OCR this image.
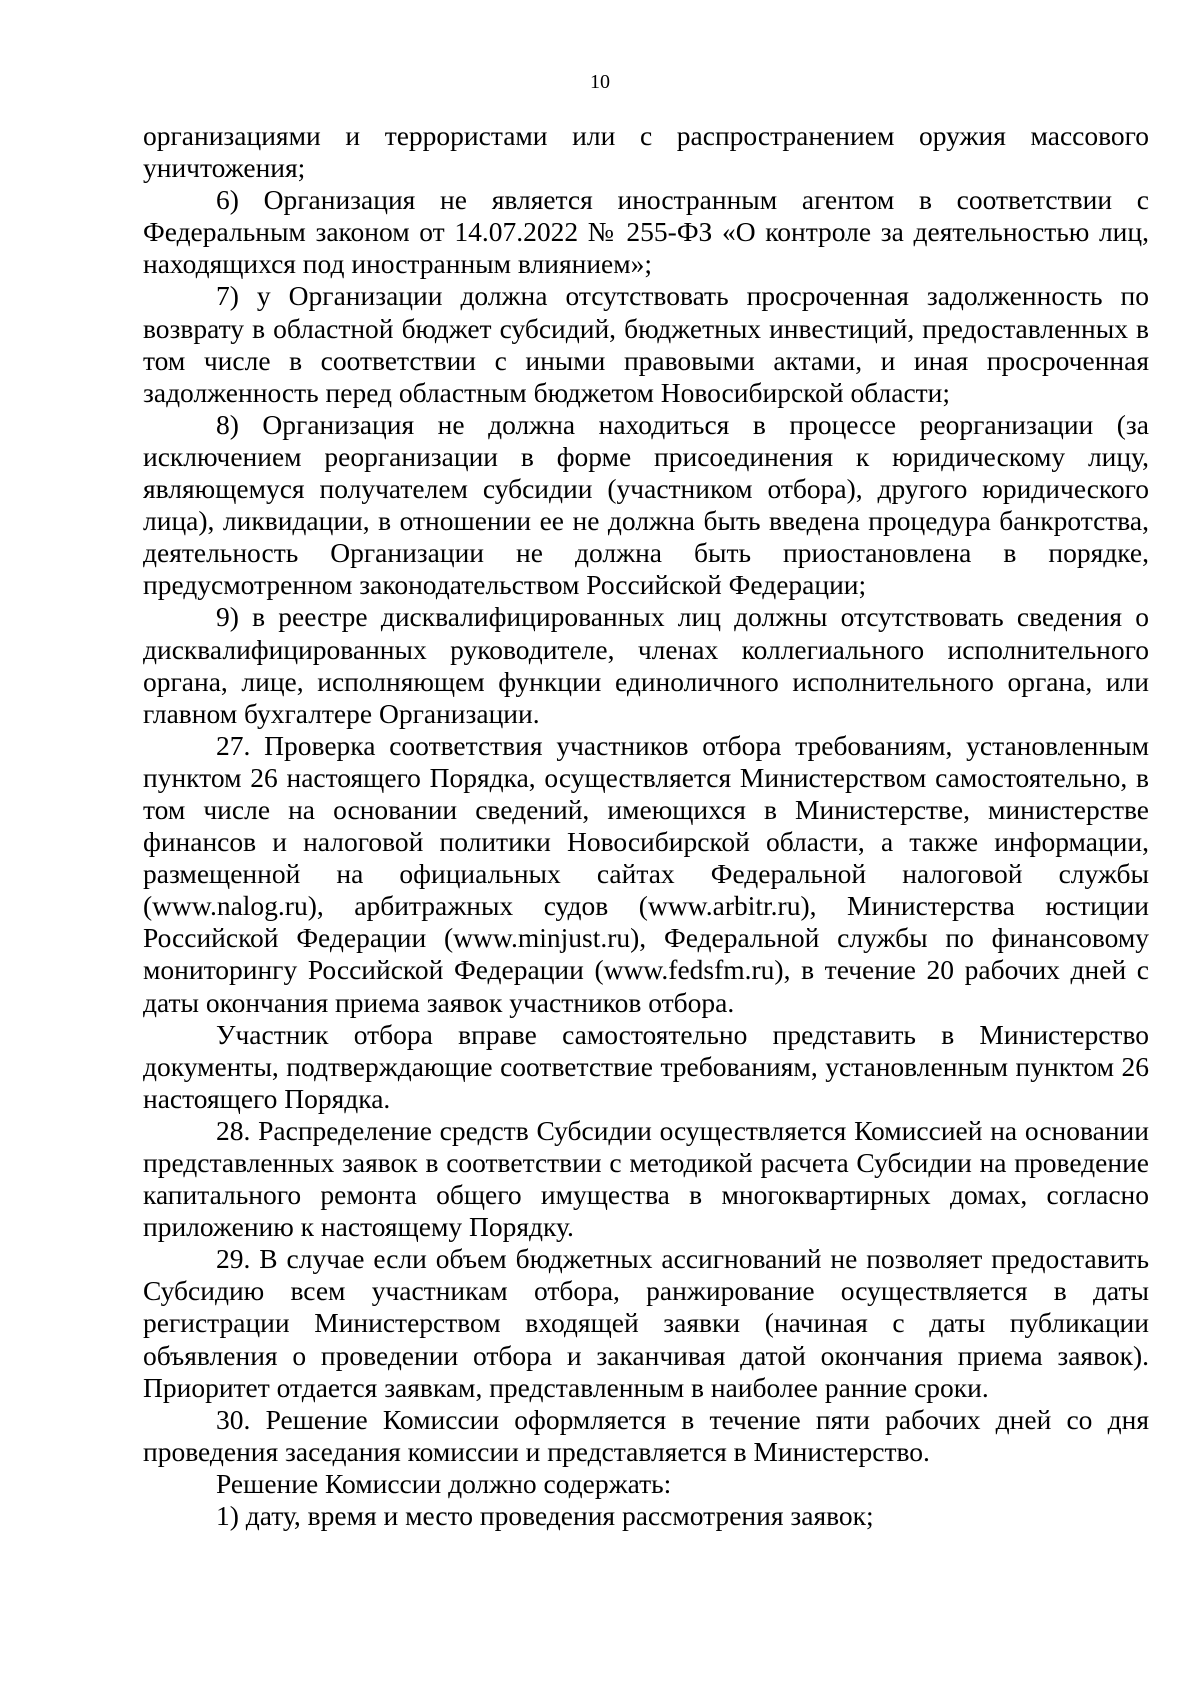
10

организациями и террористами или с распространением оружия массового уничтожения;

6) Организация не является иностранным агентом в соответствии с Федеральным законом от 14.07.2022 № 255-ФЗ «О контроле за деятельностью лиц, находящихся под иностранным влиянием»;

7) у Организации должна отсутствовать просроченная задолженность по возврату в областной бюджет субсидий, бюджетных инвестиций, предоставленных в том числе в соответствии с иными правовыми актами, и иная просроченная задолженность перед областным бюджетом Новосибирской области;

8) Организация не должна находиться в процессе реорганизации (за исключением реорганизации в форме присоединения к юридическому лицу, являющемуся получателем субсидии (участником отбора), другого юридического лица), ликвидации, в отношении ее не должна быть введена процедура банкротства, деятельность Организации не должна быть приостановлена в порядке, предусмотренном законодательством Российской Федерации;

9) в реестре дисквалифицированных лиц должны отсутствовать сведения о дисквалифицированных руководителе, членах коллегиального исполнительного органа, лице, исполняющем функции единоличного исполнительного органа, или главном бухгалтере Организации.

27. Проверка соответствия участников отбора требованиям, установленным пунктом 26 настоящего Порядка, осуществляется Министерством самостоятельно, в том числе на основании сведений, имеющихся в Министерстве, министерстве финансов и налоговой политики Новосибирской области, а также информации, размещенной на официальных сайтах Федеральной налоговой службы (www.nalog.ru), арбитражных судов (www.arbitr.ru), Министерства юстиции Российской Федерации (www.minjust.ru), Федеральной службы по финансовому мониторингу Российской Федерации (www.fedsfm.ru), в течение 20 рабочих дней с даты окончания приема заявок участников отбора.

Участник отбора вправе самостоятельно представить в Министерство документы, подтверждающие соответствие требованиям, установленным пунктом 26 настоящего Порядка.

28. Распределение средств Субсидии осуществляется Комиссией на основании представленных заявок в соответствии с методикой расчета Субсидии на проведение капитального ремонта общего имущества в многоквартирных домах, согласно приложению к настоящему Порядку.

29. В случае если объем бюджетных ассигнований не позволяет предоставить Субсидию всем участникам отбора, ранжирование осуществляется в даты регистрации Министерством входящей заявки (начиная с даты публикации объявления о проведении отбора и заканчивая датой окончания приема заявок). Приоритет отдается заявкам, представленным в наиболее ранние сроки.

30. Решение Комиссии оформляется в течение пяти рабочих дней со дня проведения заседания комиссии и представляется в Министерство.

Решение Комиссии должно содержать:

1) дату, время и место проведения рассмотрения заявок;
